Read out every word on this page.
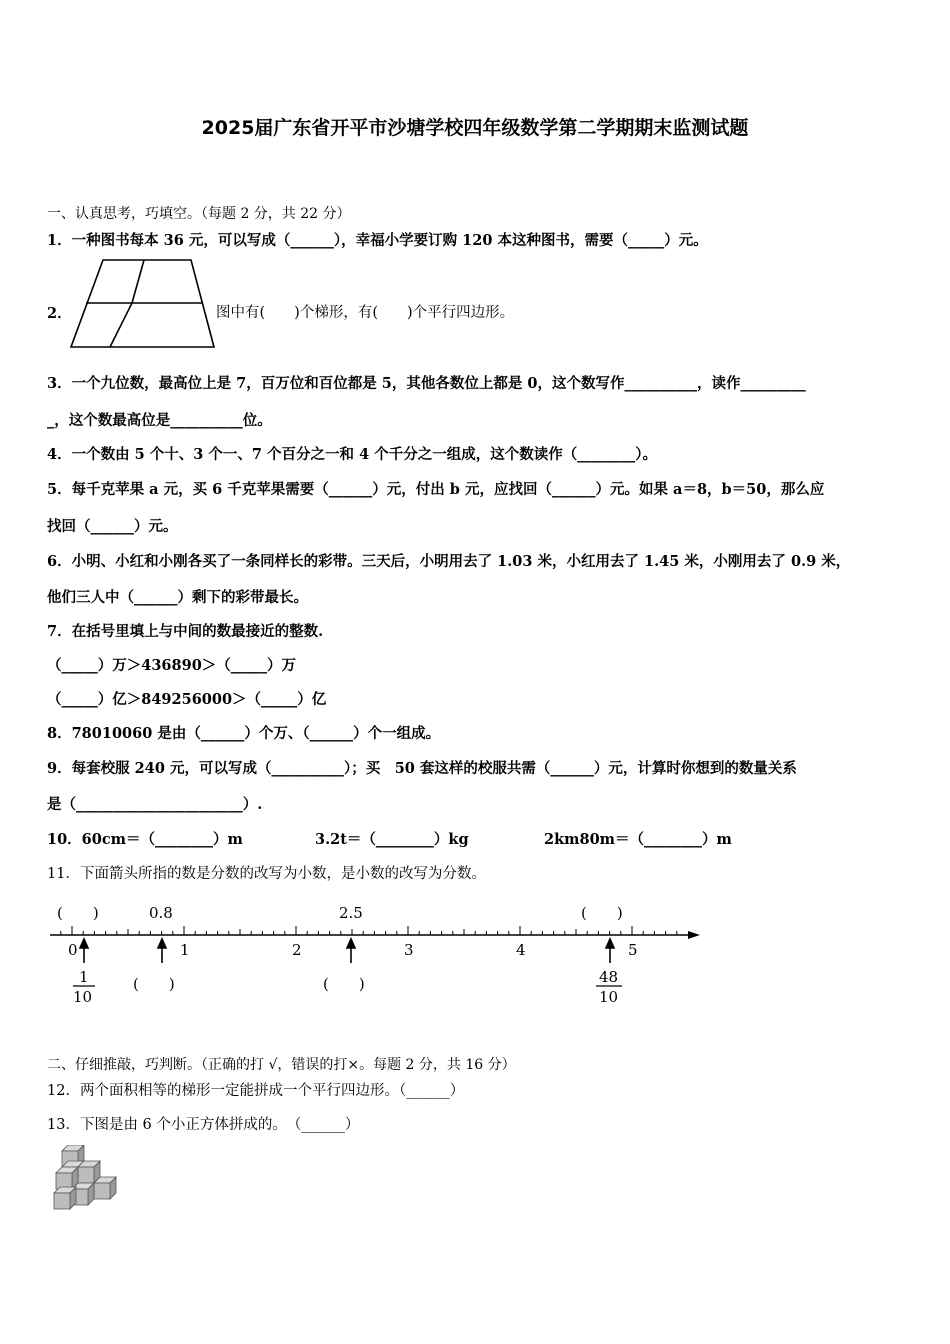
2025届广东省开平市沙塘学校四年级数学第二学期期末监测试题
一、认真思考，巧填空。（每题 2 分，共 22 分）
1．一种图书每本 36 元，可以写成（______），幸福小学要订购 120 本这种图书，需要（_____）元。
2．	图中有(　　)个梯形，有(　　)个平行四边形。
3．一个九位数，最高位上是 7，百万位和百位都是 5，其他各数位上都是 0，这个数写作__________，读作_________
_，这个数最高位是__________位。
4．一个数由 5 个十、3 个一、7 个百分之一和 4 个千分之一组成，这个数读作（________）。
5．每千克苹果 a 元，买 6 千克苹果需要（______）元，付出 b 元，应找回（______）元。如果 a＝8，b＝50，那么应
找回（______）元。
6．小明、小红和小刚各买了一条同样长的彩带。三天后，小明用去了 1.03 米，小红用去了 1.45 米，小刚用去了 0.9 米，
他们三人中（______）剩下的彩带最长。
7．在括号里填上与中间的数最接近的整数.
（_____）万＞436890＞（_____）万
（_____）亿＞849256000＞（_____）亿
8．78010060 是由（______）个万、（______）个一组成。
9．每套校服 240 元，可以写成（__________）；买　50 套这样的校服共需（______）元，计算时你想到的数量关系
是（_______________________）.
10．60cm＝（________）m	3.2t＝（________）kg	2km80m＝（________）m
11．下面箭头所指的数是分数的改写为小数，是小数的改写为分数。
(　　)	0.8	2.5	(　　)
0	1	2	3	4	5
1
10
(　　)	(　　)	48
10
二、仔细推敲，巧判断。（正确的打 √，错误的打×。每题 2 分，共 16 分）
12．两个面积相等的梯形一定能拼成一个平行四边形。（______）
13．下图是由 6 个小正方体拼成的。　（______）
